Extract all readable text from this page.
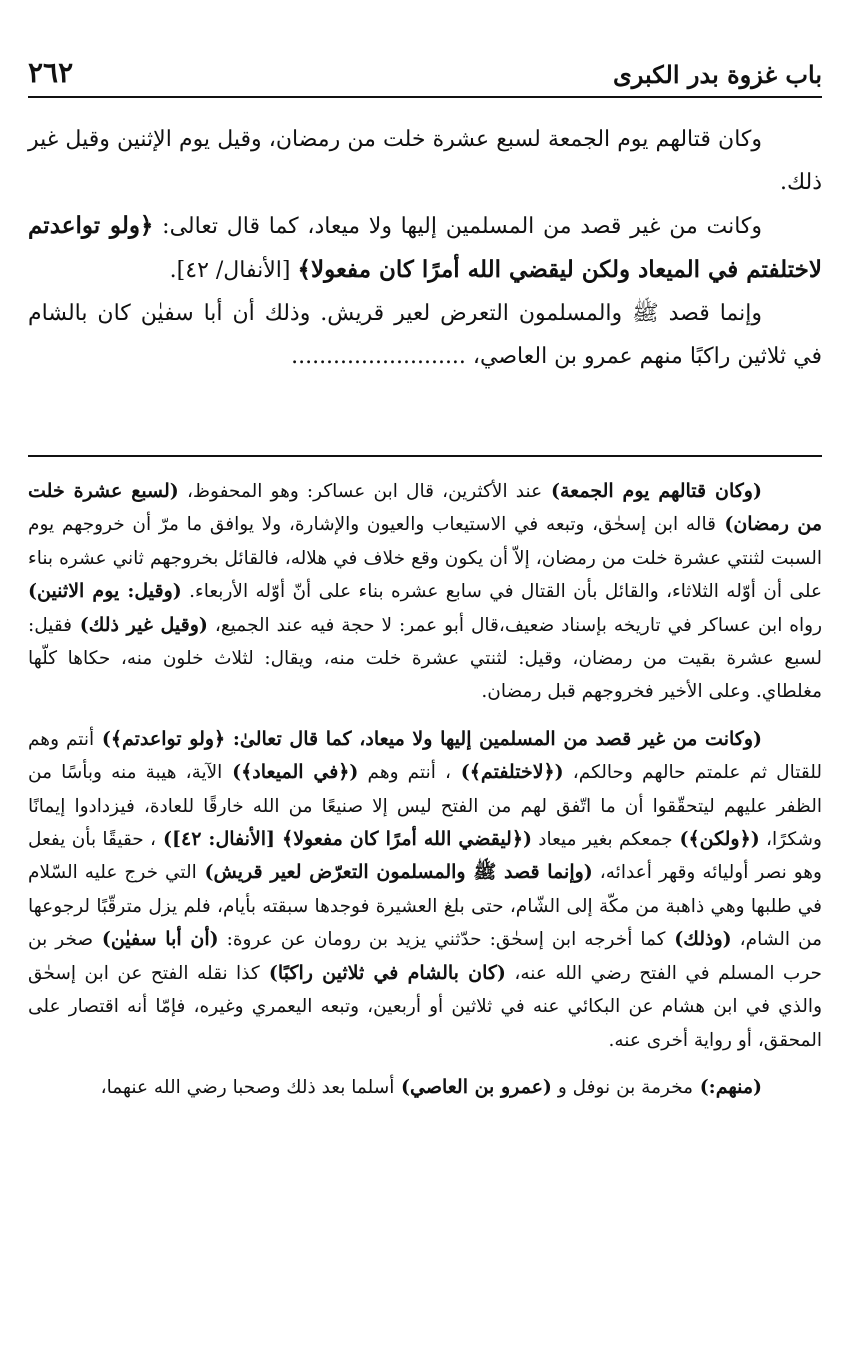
باب غزوة بدر الكبرى
٢٦٢

وكان قتالهم يوم الجمعة لسبع عشرة خلت من رمضان، وقيل يوم الإثنين وقيل غير ذلك.

وكانت من غير قصد من المسلمين إليها ولا ميعاد، كما قال تعالى: ﴿ولو تواعدتم لاختلفتم في الميعاد ولكن ليقضي الله أمرًا كان مفعولا﴾ [الأنفال/ ٤٢].

وإنما قصد ﷺ والمسلمون التعرض لعير قريش. وذلك أن أبا سفيٰن كان بالشام في ثلاثين راكبًا منهم عمرو بن العاصي، .........................

(وكان قتالهم يوم الجمعة) عند الأكثرين، قال ابن عساكر: وهو المحفوظ، (لسبع عشرة خلت من رمضان) قاله ابن إسحٰق، وتبعه في الاستيعاب والعيون والإشارة، ولا يوافق ما مرّ أن خروجهم يوم السبت لثنتي عشرة خلت من رمضان، إلاّ أن يكون وقع خلاف في هلاله، فالقائل بخروجهم ثاني عشره بناء على أن أوّله الثلاثاء، والقائل بأن القتال في سابع عشره بناء على أنّ أوّله الأربعاء. (وقيل: يوم الاثنين) رواه ابن عساكر في تاريخه بإسناد ضعيف،قال أبو عمر: لا حجة فيه عند الجميع، (وقيل غير ذلك) فقيل: لسبع عشرة بقيت من رمضان، وقيل: لثنتي عشرة خلت منه، ويقال: لثلاث خلون منه، حكاها كلّها مغلطاي. وعلى الأخير فخروجهم قبل رمضان.

(وكانت من غير قصد من المسلمين إليها ولا ميعاد، كما قال تعالىٰ: ﴿ولو تواعدتم﴾) أنتم وهم للقتال ثم علمتم حالهم وحالكم، (﴿لاختلفتم﴾) ، أنتم وهم (﴿في الميعاد﴾) الآية، هيبة منه وبأسًا من الظفر عليهم ليتحقّقوا أن ما اتّفق لهم من الفتح ليس إلا صنيعًا من الله خارقًا للعادة، فيزدادوا إيمانًا وشكرًا، (﴿ولكن﴾) جمعكم بغير ميعاد (﴿ليقضي الله أمرًا كان مفعولا﴾ [الأنفال: ٤٢]) ، حقيقًا بأن يفعل وهو نصر أوليائه وقهر أعدائه، (وإنما قصد ﷺ والمسلمون التعرّض لعير قريش) التي خرج عليه السّلام في طلبها وهي ذاهبة من مكّة إلى الشّام، حتى بلغ العشيرة فوجدها سبقته بأيام، فلم يزل مترقّبًا لرجوعها من الشام، (وذلك) كما أخرجه ابن إسحٰق: حدّثني يزيد بن رومان عن عروة: (أن أبا سفيٰن) صخر بن حرب المسلم في الفتح رضي الله عنه، (كان بالشام في ثلاثين راكبًا) كذا نقله الفتح عن ابن إسحٰق والذي في ابن هشام عن البكائي عنه في ثلاثين أو أربعين، وتبعه اليعمري وغيره، فإمّا أنه اقتصار على المحقق، أو رواية أخرى عنه.

(منهم:) مخرمة بن نوفل و (عمرو بن العاصي) أسلما بعد ذلك وصحبا رضي الله عنهما،
